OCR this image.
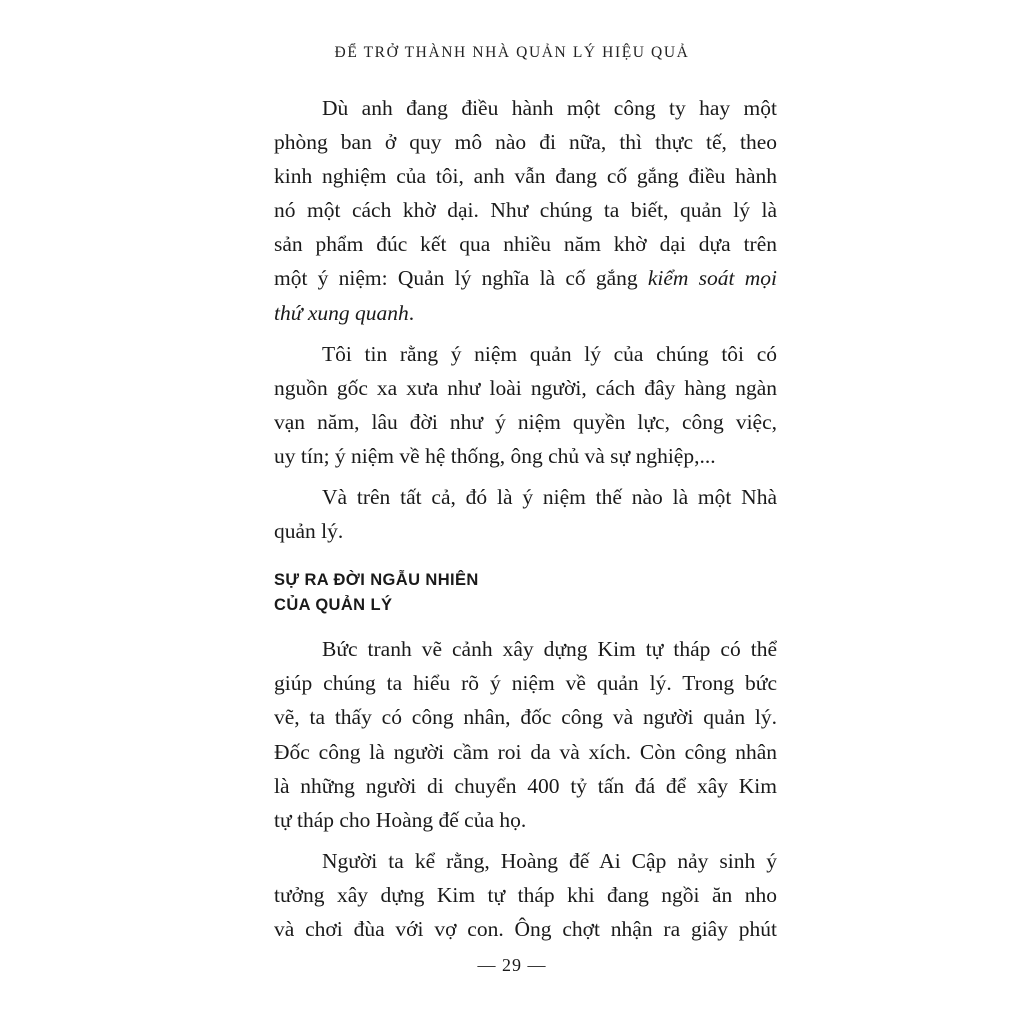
ĐỂ TRỞ THÀNH NHÀ QUẢN LÝ HIỆU QUẢ

Dù anh đang điều hành một công ty hay một
phòng ban ở quy mô nào đi nữa, thì thực tế, theo
kinh nghiệm của tôi, anh vẫn đang cố gắng điều hành
nó một cách khờ dại. Như chúng ta biết, quản lý là
sản phẩm đúc kết qua nhiều năm khờ dại dựa trên
một ý niệm: Quản lý nghĩa là cố gắng kiểm soát mọi
thứ xung quanh.

Tôi tin rằng ý niệm quản lý của chúng tôi có
nguồn gốc xa xưa như loài người, cách đây hàng ngàn
vạn năm, lâu đời như ý niệm quyền lực, công việc,
uy tín; ý niệm về hệ thống, ông chủ và sự nghiệp,...

Và trên tất cả, đó là ý niệm thế nào là một Nhà
quản lý.

SỰ RA ĐỜI NGẪU NHIÊN
CỦA QUẢN LÝ

Bức tranh vẽ cảnh xây dựng Kim tự tháp có thể
giúp chúng ta hiểu rõ ý niệm về quản lý. Trong bức
vẽ, ta thấy có công nhân, đốc công và người quản lý.
Đốc công là người cầm roi da và xích. Còn công nhân
là những người di chuyển 400 tỷ tấn đá để xây Kim
tự tháp cho Hoàng đế của họ.

Người ta kể rằng, Hoàng đế Ai Cập nảy sinh ý
tưởng xây dựng Kim tự tháp khi đang ngồi ăn nho
và chơi đùa với vợ con. Ông chợt nhận ra giây phút

— 29 —
